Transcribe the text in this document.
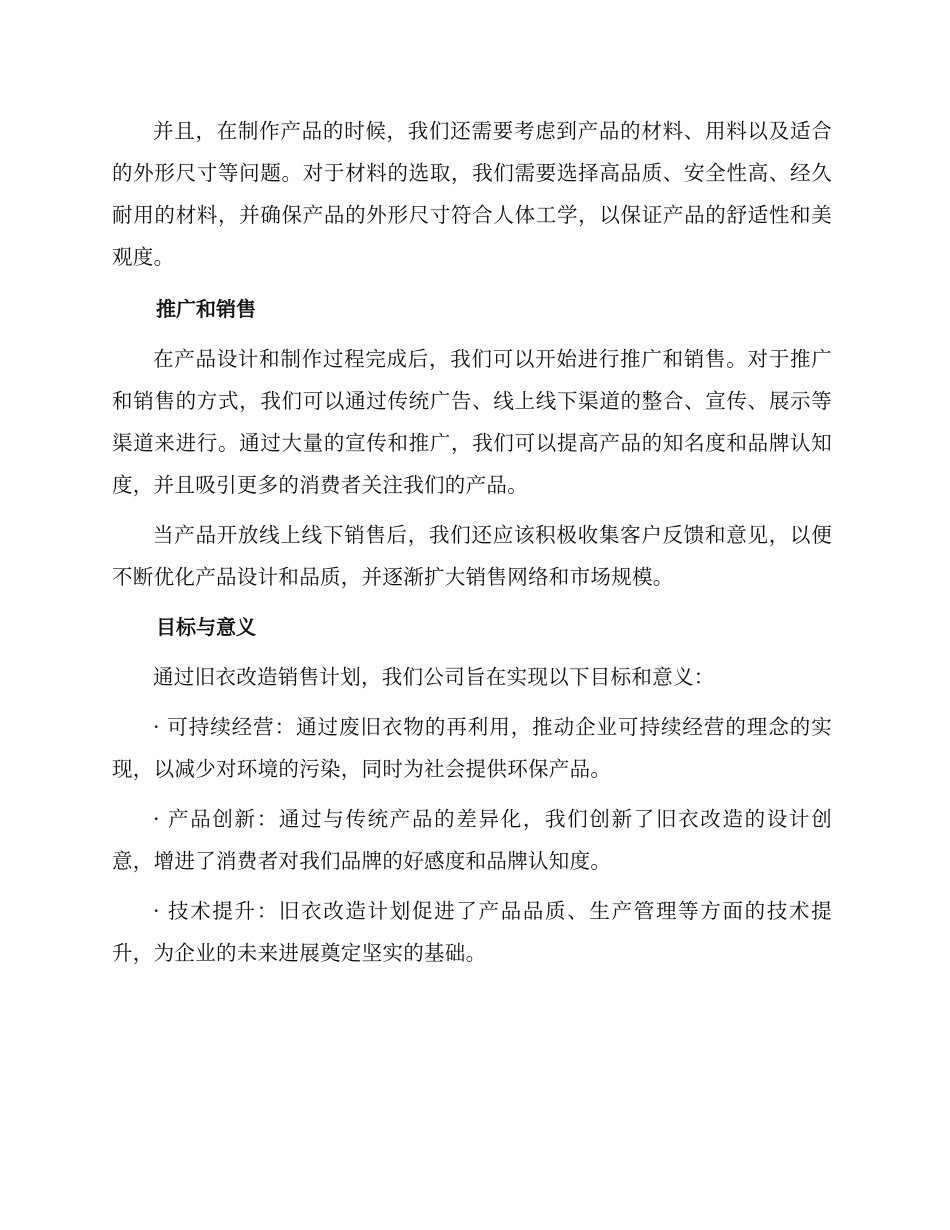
并且，在制作产品的时候，我们还需要考虑到产品的材料、用料以及适合的外形尺寸等问题。对于材料的选取，我们需要选择高品质、安全性高、经久耐用的材料，并确保产品的外形尺寸符合人体工学，以保证产品的舒适性和美观度。

推广和销售

在产品设计和制作过程完成后，我们可以开始进行推广和销售。对于推广和销售的方式，我们可以通过传统广告、线上线下渠道的整合、宣传、展示等渠道来进行。通过大量的宣传和推广，我们可以提高产品的知名度和品牌认知度，并且吸引更多的消费者关注我们的产品。

当产品开放线上线下销售后，我们还应该积极收集客户反馈和意见，以便不断优化产品设计和品质，并逐渐扩大销售网络和市场规模。

目标与意义

通过旧衣改造销售计划，我们公司旨在实现以下目标和意义：

· 可持续经营：通过废旧衣物的再利用，推动企业可持续经营的理念的实现，以减少对环境的污染，同时为社会提供环保产品。

· 产品创新：通过与传统产品的差异化，我们创新了旧衣改造的设计创意，增进了消费者对我们品牌的好感度和品牌认知度。

· 技术提升：旧衣改造计划促进了产品品质、生产管理等方面的技术提升，为企业的未来进展奠定坚实的基础。
